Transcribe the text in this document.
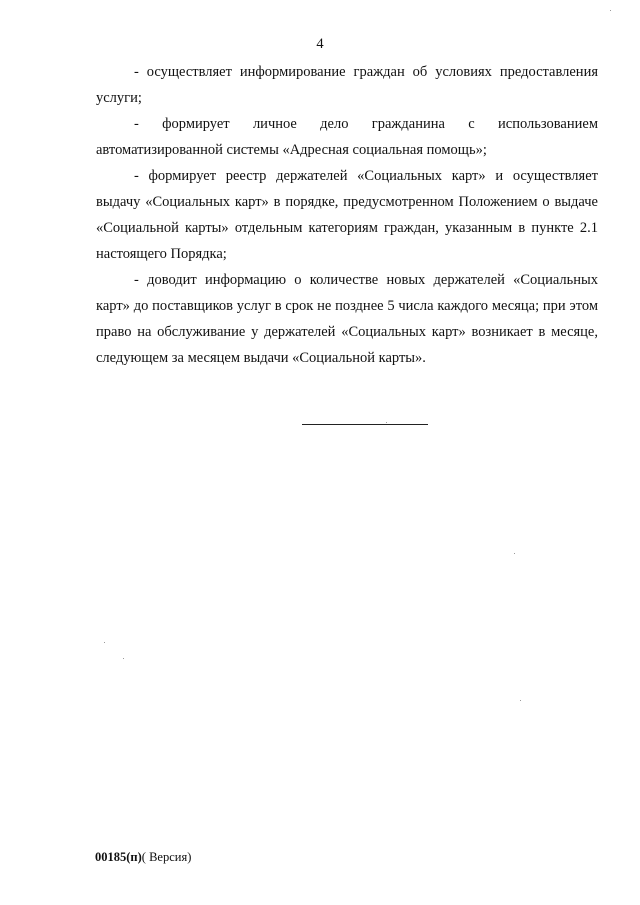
4

- осуществляет информирование граждан об условиях предоставления услуги;

- формирует личное дело гражданина с использованием автоматизированной системы «Адресная социальная помощь»;

- формирует реестр держателей «Социальных карт» и осуществляет выдачу «Социальных карт» в порядке, предусмотренном Положением о выдаче «Социальной карты» отдельным категориям граждан, указанным в пункте 2.1 настоящего Порядка;

- доводит информацию о количестве новых держателей «Социальных карт» до поставщиков услуг в срок не позднее 5 числа каждого месяца; при этом право на обслуживание у держателей «Социальных карт» возникает в месяце, следующем за месяцем выдачи «Социальной карты».

00185(п)( Версия)
